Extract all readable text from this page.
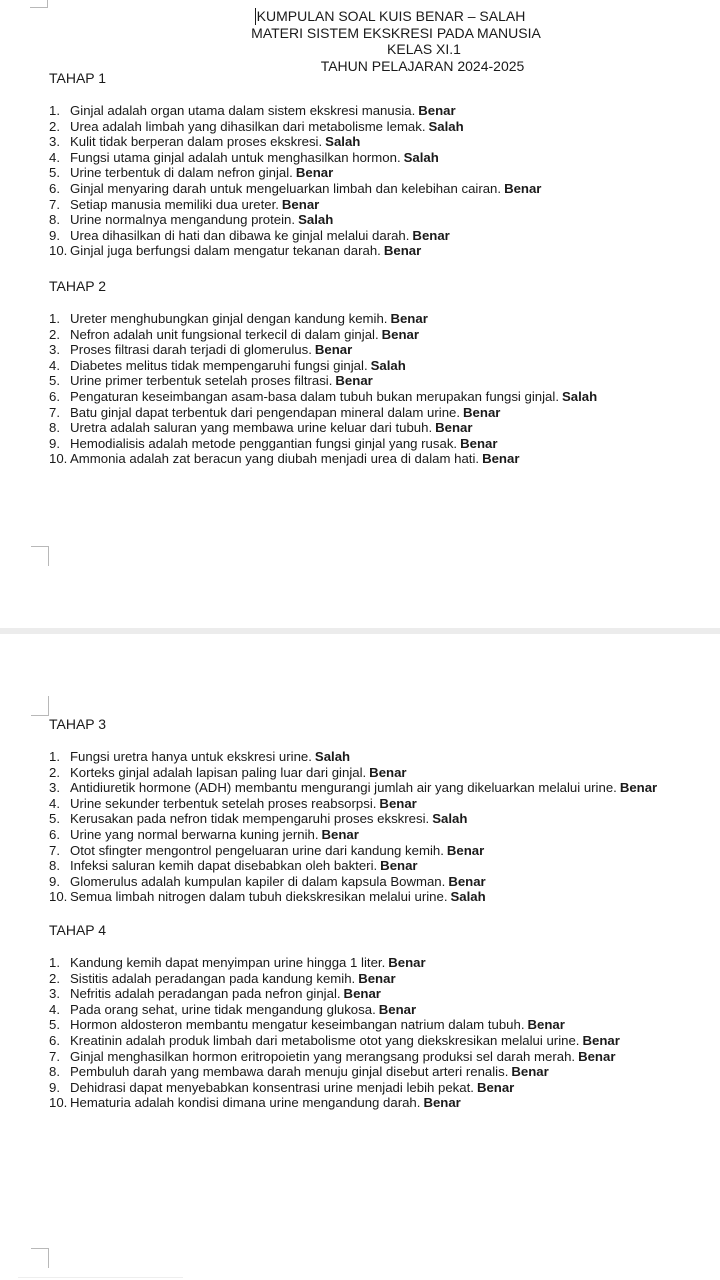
KUMPULAN SOAL KUIS BENAR – SALAH
MATERI SISTEM EKSKRESI PADA MANUSIA
KELAS XI.1
TAHUN PELAJARAN 2024-2025
TAHAP 1
1. Ginjal adalah organ utama dalam sistem ekskresi manusia. Benar
2. Urea adalah limbah yang dihasilkan dari metabolisme lemak. Salah
3. Kulit tidak berperan dalam proses ekskresi. Salah
4. Fungsi utama ginjal adalah untuk menghasilkan hormon. Salah
5. Urine terbentuk di dalam nefron ginjal. Benar
6. Ginjal menyaring darah untuk mengeluarkan limbah dan kelebihan cairan. Benar
7. Setiap manusia memiliki dua ureter. Benar
8. Urine normalnya mengandung protein. Salah
9. Urea dihasilkan di hati dan dibawa ke ginjal melalui darah. Benar
10. Ginjal juga berfungsi dalam mengatur tekanan darah. Benar
TAHAP 2
1. Ureter menghubungkan ginjal dengan kandung kemih. Benar
2. Nefron adalah unit fungsional terkecil di dalam ginjal. Benar
3. Proses filtrasi darah terjadi di glomerulus. Benar
4. Diabetes melitus tidak mempengaruhi fungsi ginjal. Salah
5. Urine primer terbentuk setelah proses filtrasi. Benar
6. Pengaturan keseimbangan asam-basa dalam tubuh bukan merupakan fungsi ginjal. Salah
7. Batu ginjal dapat terbentuk dari pengendapan mineral dalam urine. Benar
8. Uretra adalah saluran yang membawa urine keluar dari tubuh. Benar
9. Hemodialisis adalah metode penggantian fungsi ginjal yang rusak. Benar
10. Ammonia adalah zat beracun yang diubah menjadi urea di dalam hati. Benar
TAHAP 3
1. Fungsi uretra hanya untuk ekskresi urine. Salah
2. Korteks ginjal adalah lapisan paling luar dari ginjal. Benar
3. Antidiuretik hormone (ADH) membantu mengurangi jumlah air yang dikeluarkan melalui urine. Benar
4. Urine sekunder terbentuk setelah proses reabsorpsi. Benar
5. Kerusakan pada nefron tidak mempengaruhi proses ekskresi. Salah
6. Urine yang normal berwarna kuning jernih. Benar
7. Otot sfingter mengontrol pengeluaran urine dari kandung kemih. Benar
8. Infeksi saluran kemih dapat disebabkan oleh bakteri. Benar
9. Glomerulus adalah kumpulan kapiler di dalam kapsula Bowman. Benar
10. Semua limbah nitrogen dalam tubuh diekskresikan melalui urine. Salah
TAHAP 4
1. Kandung kemih dapat menyimpan urine hingga 1 liter. Benar
2. Sistitis adalah peradangan pada kandung kemih. Benar
3. Nefritis adalah peradangan pada nefron ginjal. Benar
4. Pada orang sehat, urine tidak mengandung glukosa. Benar
5. Hormon aldosteron membantu mengatur keseimbangan natrium dalam tubuh. Benar
6. Kreatinin adalah produk limbah dari metabolisme otot yang diekskresikan melalui urine. Benar
7. Ginjal menghasilkan hormon eritropoietin yang merangsang produksi sel darah merah. Benar
8. Pembuluh darah yang membawa darah menuju ginjal disebut arteri renalis. Benar
9. Dehidrasi dapat menyebabkan konsentrasi urine menjadi lebih pekat. Benar
10. Hematuria adalah kondisi dimana urine mengandung darah. Benar
